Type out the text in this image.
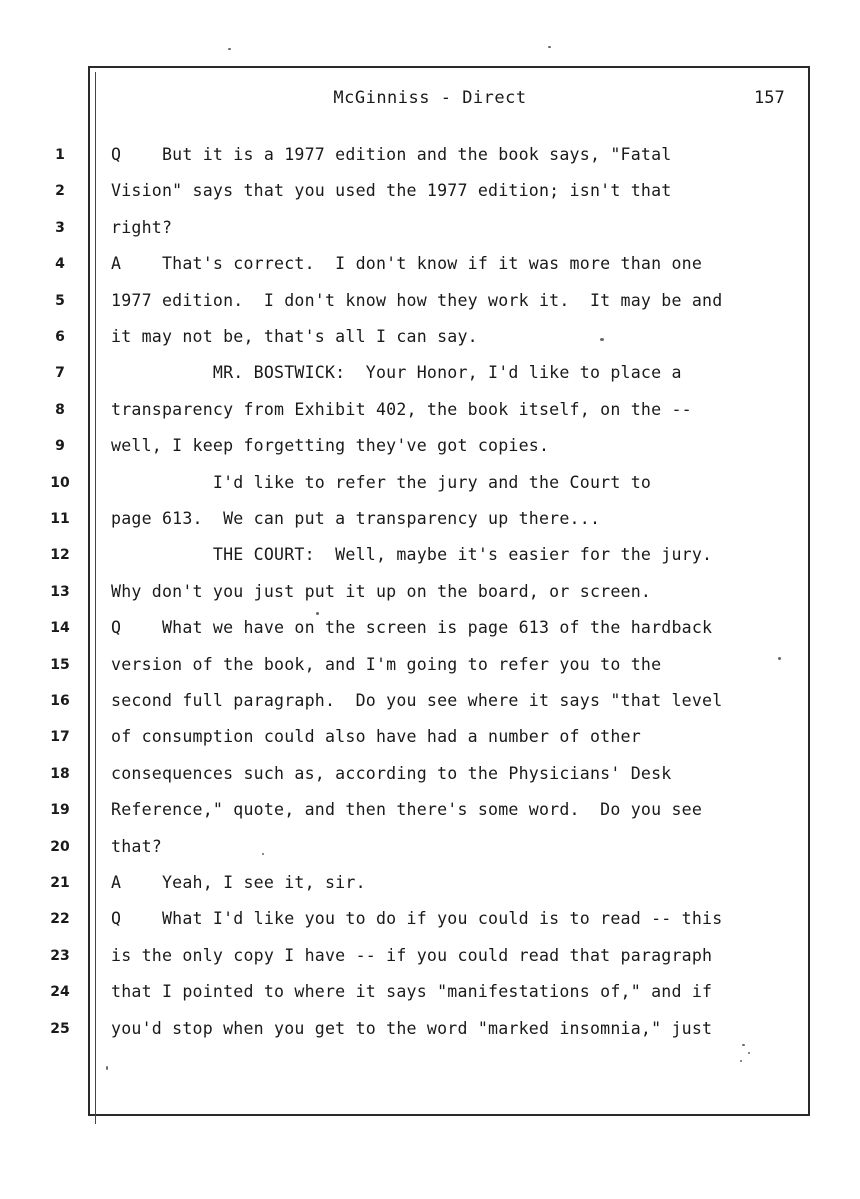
McGinniss - Direct	157
1	Q    But it is a 1977 edition and the book says, "Fatal
2	Vision" says that you used the 1977 edition; isn't that
3	right?
4	A    That's correct.  I don't know if it was more than one
5	1977 edition.  I don't know how they work it.  It may be and
6	it may not be, that's all I can say.
7	MR. BOSTWICK:  Your Honor, I'd like to place a
8	transparency from Exhibit 402, the book itself, on the --
9	well, I keep forgetting they've got copies.
10	I'd like to refer the jury and the Court to
11	page 613.  We can put a transparency up there...
12	THE COURT:  Well, maybe it's easier for the jury.
13	Why don't you just put it up on the board, or screen.
14	Q    What we have on the screen is page 613 of the hardback
15	version of the book, and I'm going to refer you to the
16	second full paragraph.  Do you see where it says "that level
17	of consumption could also have had a number of other
18	consequences such as, according to the Physicians' Desk
19	Reference," quote, and then there's some word.  Do you see
20	that?
21	A    Yeah, I see it, sir.
22	Q    What I'd like you to do if you could is to read -- this
23	is the only copy I have -- if you could read that paragraph
24	that I pointed to where it says "manifestations of," and if
25	you'd stop when you get to the word "marked insomnia," just
